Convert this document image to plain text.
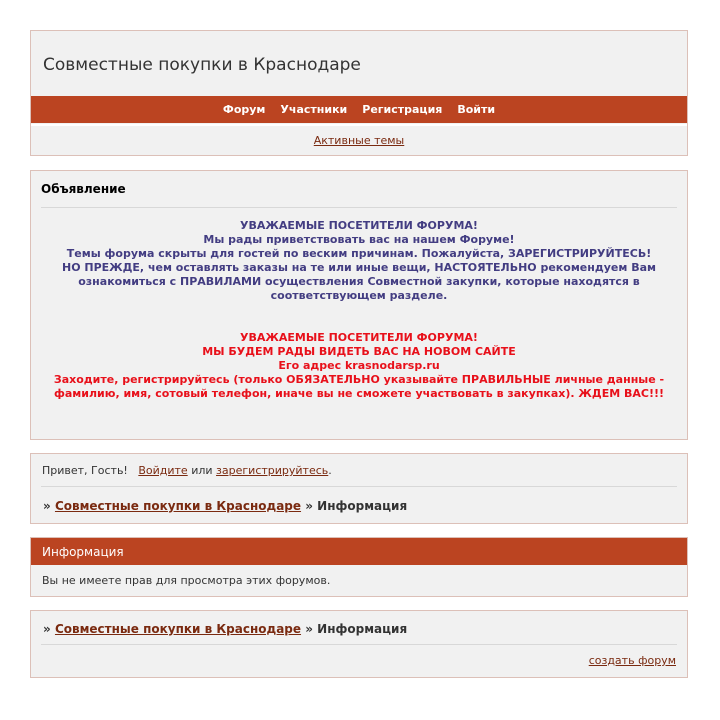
Совместные покупки в Краснодаре
Форум Участники Регистрация Войти
Активные темы
Объявление
УВАЖАЕМЫЕ ПОСЕТИТЕЛИ ФОРУМА!
Мы рады приветствовать вас на нашем Форуме!
Темы форума скрыты для гостей по веским причинам. Пожалуйста, ЗАРЕГИСТРИРУЙТЕСЬ!
НО ПРЕЖДЕ, чем оставлять заказы на те или иные вещи, НАСТОЯТЕЛЬНО рекомендуем Вам
ознакомиться с ПРАВИЛАМИ осуществления Совместной закупки, которые находятся в
соответствующем разделе.
УВАЖАЕМЫЕ ПОСЕТИТЕЛИ ФОРУМА!
МЫ БУДЕМ РАДЫ ВИДЕТЬ ВАС НА НОВОМ САЙТЕ
Его адрес krasnodarsp.ru
Заходите, регистрируйтесь (только ОБЯЗАТЕЛЬНО указывайте ПРАВИЛЬНЫЕ личные данные -
фамилию, имя, сотовый телефон, иначе вы не сможете участвовать в закупках). ЖДЕМ ВАС!!!
Привет, Гость! Войдите или зарегистрируйтесь.
» Совместные покупки в Краснодаре » Информация
Информация
Вы не имеете прав для просмотра этих форумов.
» Совместные покупки в Краснодаре » Информация
создать форум
